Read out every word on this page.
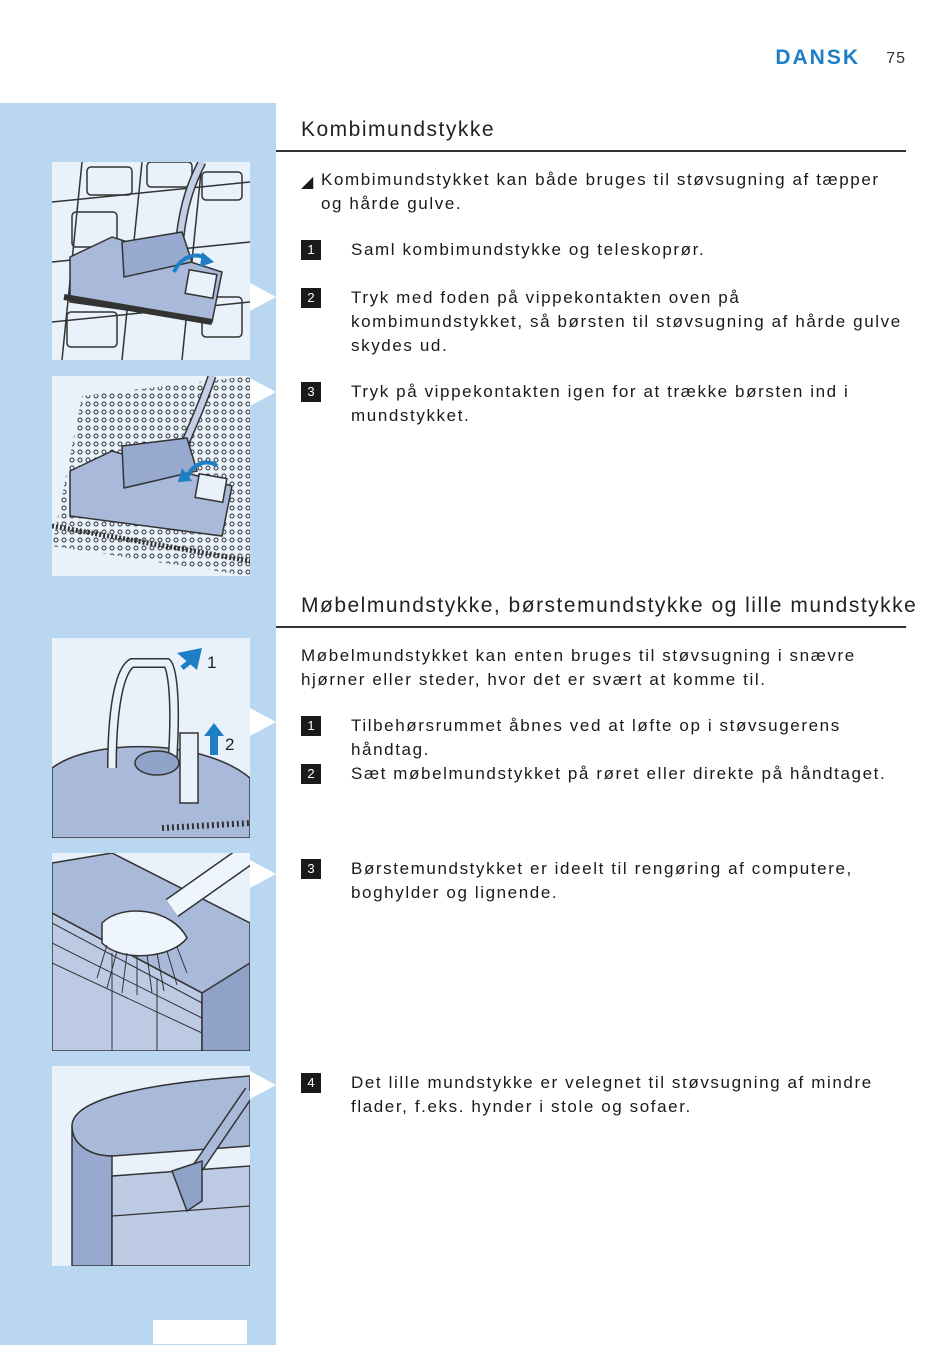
DANSK 75
Kombimundstykke
◢ Kombimundstykket kan både bruges til støvsugning af tæpper og hårde gulve.
1	Saml kombimundstykke og teleskoprør.
2	Tryk med foden på vippekontakten oven på kombimundstykket, så børsten til støvsugning af hårde gulve skydes ud.
3	Tryk på vippekontakten igen for at trække børsten ind i mundstykket.
Møbelmundstykke, børstemundstykke og lille mundstykke
Møbelmundstykket kan enten bruges til støvsugning i snævre hjørner eller steder, hvor det er svært at komme til.
1	Tilbehørsrummet åbnes ved at løfte op i støvsugerens håndtag.
2	Sæt møbelmundstykket på røret eller direkte på håndtaget.
3	Børstemundstykket er ideelt til rengøring af computere, boghylder og lignende.
4	Det lille mundstykke er velegnet til støvsugning af mindre flader, f.eks. hynder i stole og sofaer.
1
2
